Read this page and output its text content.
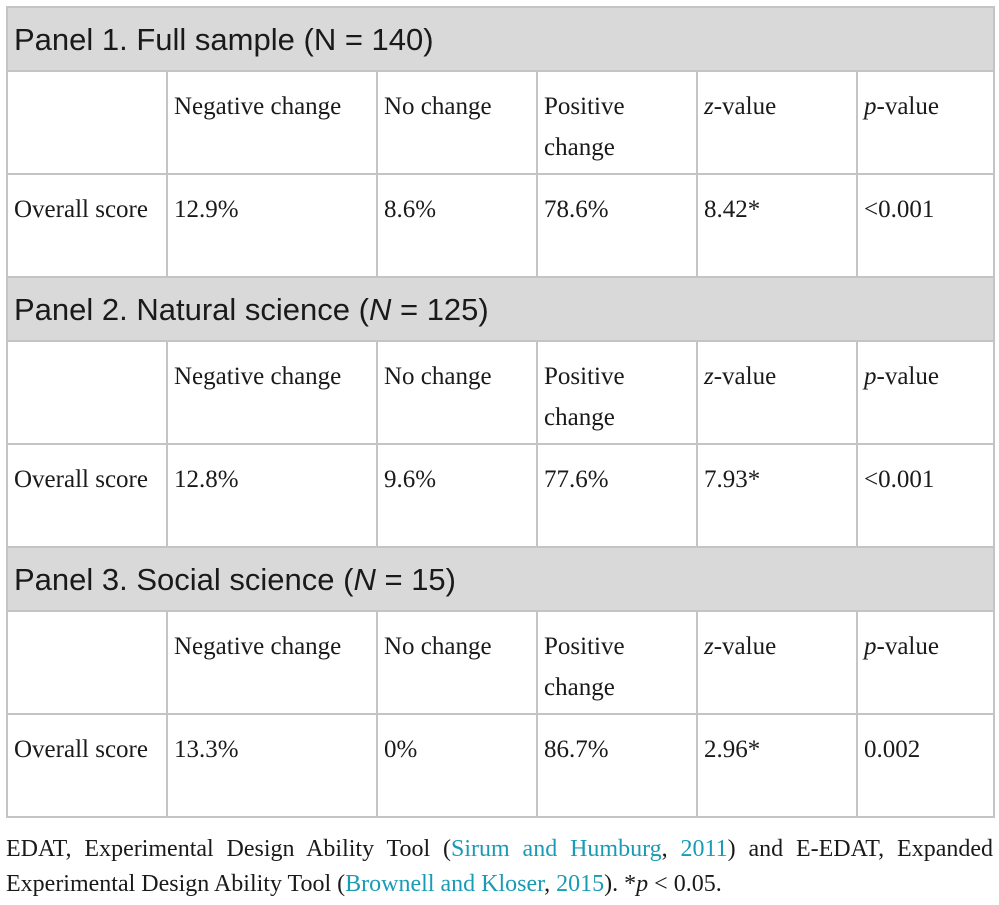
Panel 1. Full sample (N = 140)					
	Negative change	No change	Positive change	z-value	p-value
Overall score	12.9%	8.6%	78.6%	8.42*	<0.001
Panel 2. Natural science (N = 125)					
	Negative change	No change	Positive change	z-value	p-value
Overall score	12.8%	9.6%	77.6%	7.93*	<0.001
Panel 3. Social science (N = 15)					
	Negative change	No change	Positive change	z-value	p-value
Overall score	13.3%	0%	86.7%	2.96*	0.002
EDAT, Experimental Design Ability Tool (Sirum and Humburg, 2011) and E-EDAT, Expanded Experimental Design Ability Tool (Brownell and Kloser, 2015). *p < 0.05.
